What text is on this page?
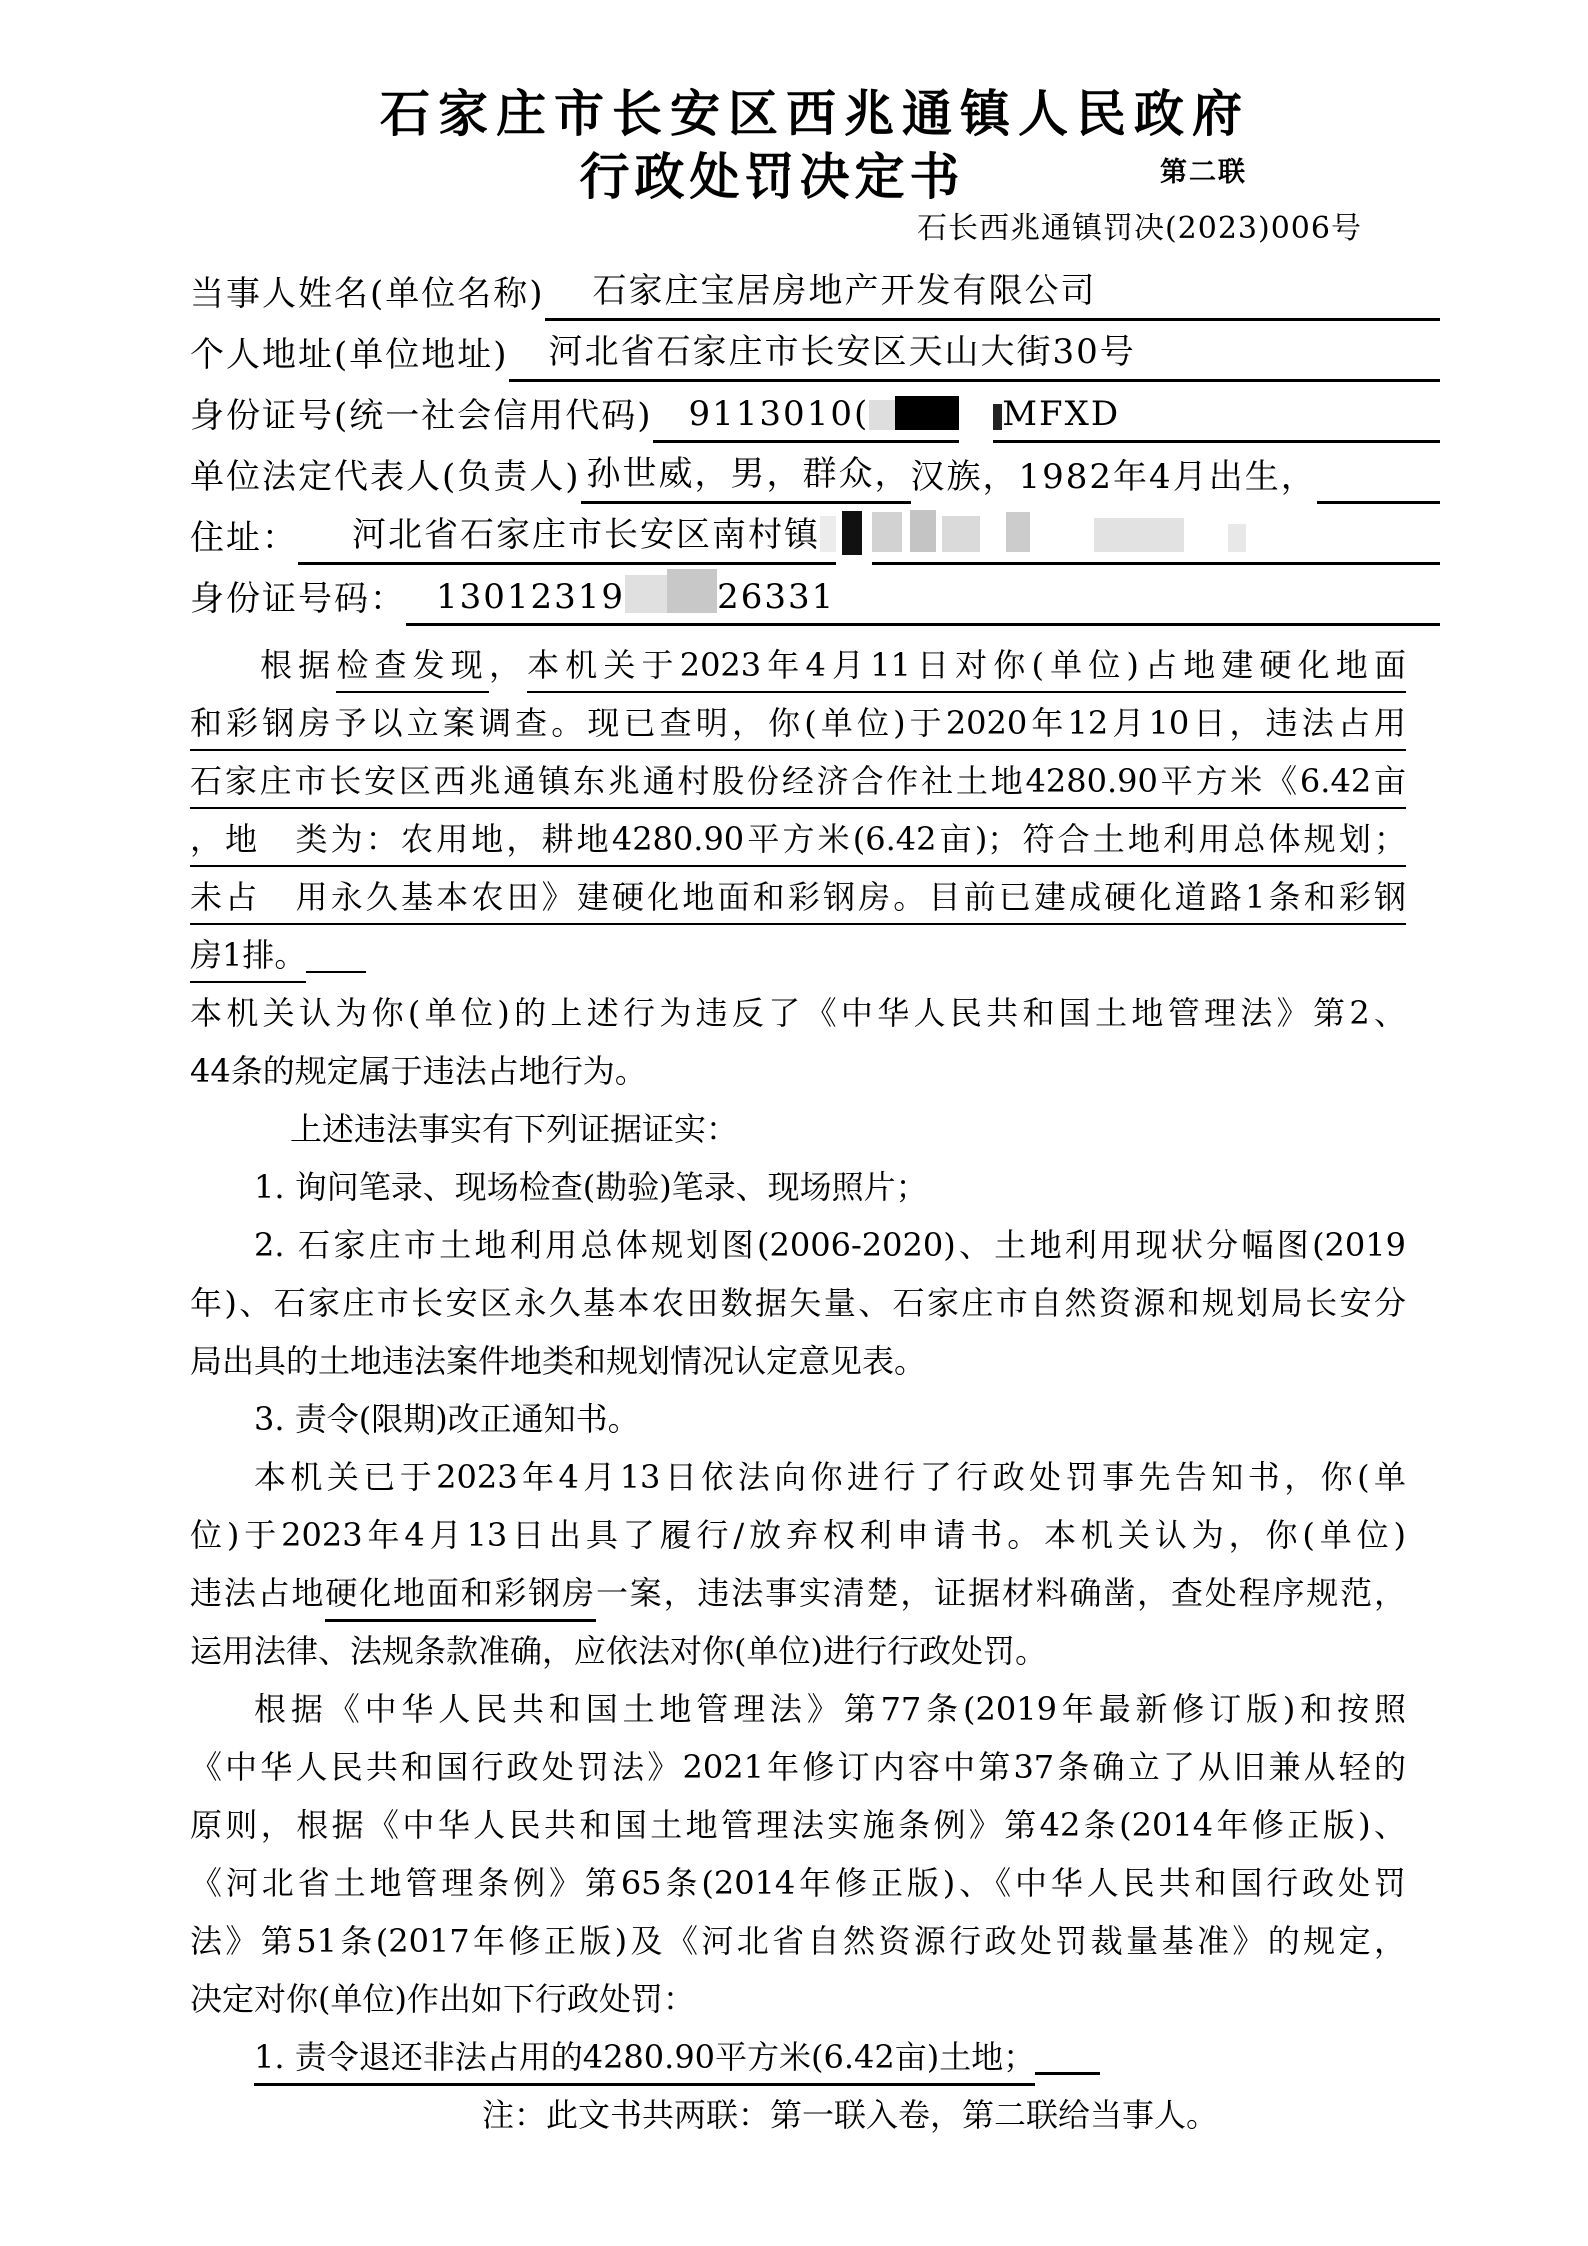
石家庄市长安区西兆通镇人民政府
行政处罚决定书	第二联
石长西兆通镇罚决(2023)006号
当事人姓名(单位名称) 石家庄宝居房地产开发有限公司
个人地址(单位地址) 河北省石家庄市长安区天山大街30号
身份证号(统一社会信用代码) 9113010(	MFXD
单位法定代表人(负责人) 孙世威，男，群众， 汉族，1982年4月出生，
住址： 河北省石家庄市长安区南村镇
身份证号码： 13012319	26331
根据检查发现，本机关于2023年4月11日对你(单位)占地建硬化地面
和彩钢房予以立案调查。现已查明，你(单位)于2020年12月10日，违法占用
石家庄市长安区西兆通镇东兆通村股份经济合作社土地4280.90平方米《6.42亩
，地　类为：农用地，耕地4280.90平方米(6.42亩)；符合土地利用总体规划；
未占　用永久基本农田》建硬化地面和彩钢房。目前已建成硬化道路1条和彩钢
房1排。
本机关认为你(单位)的上述行为违反了《中华人民共和国土地管理法》第2、
44条的规定属于违法占地行为。
上述违法事实有下列证据证实：
1. 询问笔录、现场检查(勘验)笔录、现场照片；
2. 石家庄市土地利用总体规划图(2006-2020)、土地利用现状分幅图(2019
年)、石家庄市长安区永久基本农田数据矢量、石家庄市自然资源和规划局长安分
局出具的土地违法案件地类和规划情况认定意见表。
3. 责令(限期)改正通知书。
本机关已于2023年4月13日依法向你进行了行政处罚事先告知书，你(单
位)于2023年4月13日出具了履行/放弃权利申请书。本机关认为，你(单位)
违法占地硬化地面和彩钢房一案，违法事实清楚，证据材料确凿，查处程序规范，
运用法律、法规条款准确，应依法对你(单位)进行行政处罚。
根据《中华人民共和国土地管理法》第77条(2019年最新修订版)和按照
《中华人民共和国行政处罚法》2021年修订内容中第37条确立了从旧兼从轻的
原则，根据《中华人民共和国土地管理法实施条例》第42条(2014年修正版)、
《河北省土地管理条例》第65条(2014年修正版)、《中华人民共和国行政处罚
法》第51条(2017年修正版)及《河北省自然资源行政处罚裁量基准》的规定，
决定对你(单位)作出如下行政处罚：
1. 责令退还非法占用的4280.90平方米(6.42亩)土地；
注：此文书共两联：第一联入卷，第二联给当事人。
